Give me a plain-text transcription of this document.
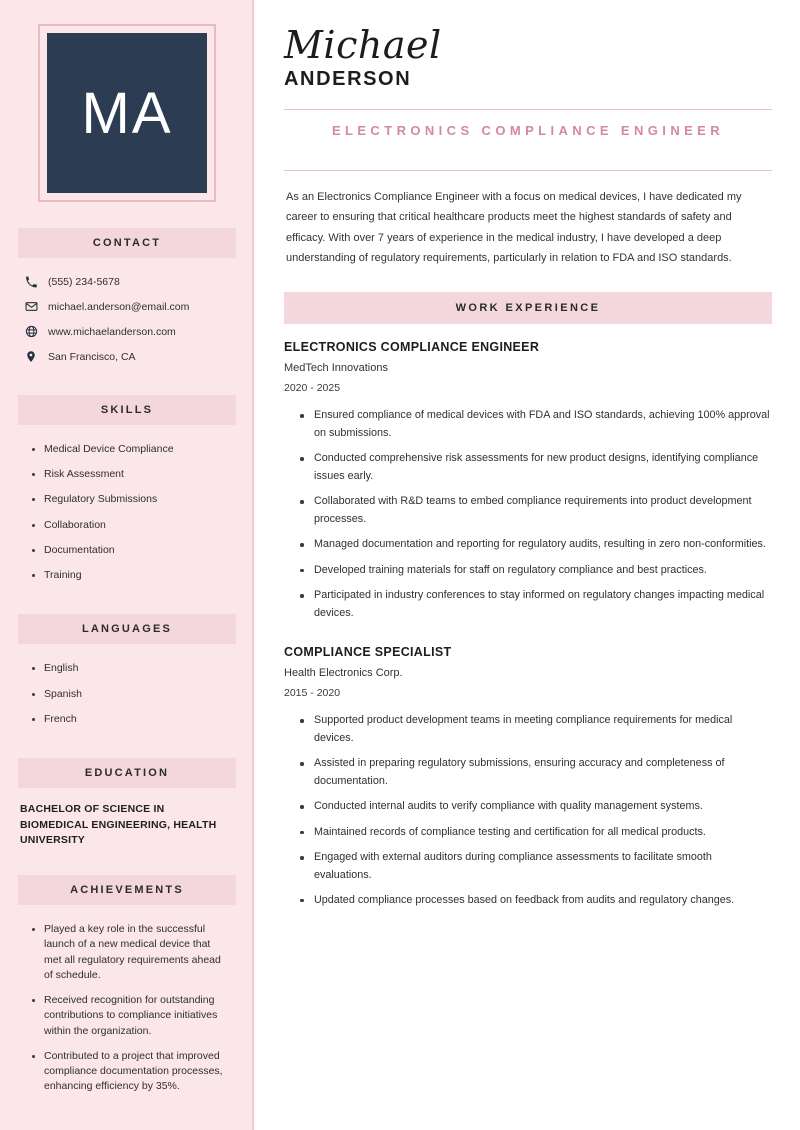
MA
CONTACT
(555) 234-5678
michael.anderson@email.com
www.michaelanderson.com
San Francisco, CA
SKILLS
Medical Device Compliance
Risk Assessment
Regulatory Submissions
Collaboration
Documentation
Training
LANGUAGES
English
Spanish
French
EDUCATION
BACHELOR OF SCIENCE IN BIOMEDICAL ENGINEERING, HEALTH UNIVERSITY
ACHIEVEMENTS
Played a key role in the successful launch of a new medical device that met all regulatory requirements ahead of schedule.
Received recognition for outstanding contributions to compliance initiatives within the organization.
Contributed to a project that improved compliance documentation processes, enhancing efficiency by 35%.
Michael
ANDERSON
ELECTRONICS COMPLIANCE ENGINEER

As an Electronics Compliance Engineer with a focus on medical devices, I have dedicated my career to ensuring that critical healthcare products meet the highest standards of safety and efficacy. With over 7 years of experience in the medical industry, I have developed a deep understanding of regulatory requirements, particularly in relation to FDA and ISO standards.

WORK EXPERIENCE
ELECTRONICS COMPLIANCE ENGINEER
MedTech Innovations
2020 - 2025
Ensured compliance of medical devices with FDA and ISO standards, achieving 100% approval on submissions.
Conducted comprehensive risk assessments for new product designs, identifying compliance issues early.
Collaborated with R&D teams to embed compliance requirements into product development processes.
Managed documentation and reporting for regulatory audits, resulting in zero non-conformities.
Developed training materials for staff on regulatory compliance and best practices.
Participated in industry conferences to stay informed on regulatory changes impacting medical devices.
COMPLIANCE SPECIALIST
Health Electronics Corp.
2015 - 2020
Supported product development teams in meeting compliance requirements for medical devices.
Assisted in preparing regulatory submissions, ensuring accuracy and completeness of documentation.
Conducted internal audits to verify compliance with quality management systems.
Maintained records of compliance testing and certification for all medical products.
Engaged with external auditors during compliance assessments to facilitate smooth evaluations.
Updated compliance processes based on feedback from audits and regulatory changes.
